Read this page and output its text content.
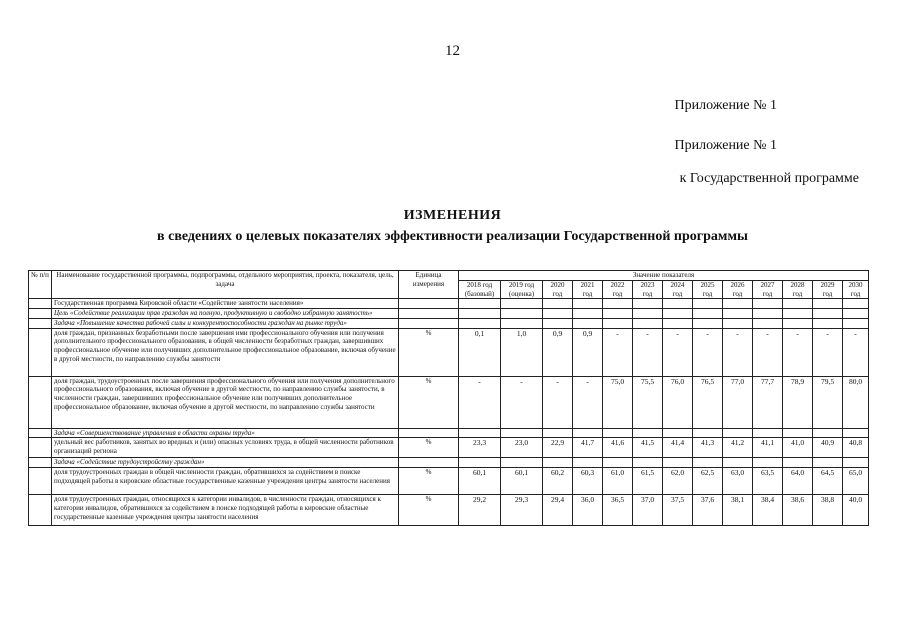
12
Приложение № 1
Приложение № 1
к Государственной программе
ИЗМЕНЕНИЯ
в сведениях о целевых показателях эффективности реализации Государственной программы
№ п/п	Наименование государственной программы, подпрограммы, отдельного мероприятия, проекта, показателя, цель, задача	Единица измерения	Значение показателя												
			2018 год (базовый)	2019 год (оценка)	2020 год	2021 год	2022 год	2023 год	2024 год	2025 год	2026 год	2027 год	2028 год	2029 год	2030 год
	Государственная программа Кировской области «Содействие занятости населения»														
	Цель «Содействие реализации прав граждан на полную, продуктивную и свободно избранную занятость»														
	Задача «Повышение качества рабочей силы и конкурентоспособности граждан на рынке труда»														
	доля граждан, признанных безработными после завершения ими профессионального обучения или получения дополнительного профессионального образования, в общей численности безработных граждан, завершивших профессиональное обучение или получивших дополнительное профессиональное образование, включая обучение в другой местности, по направлению службы занятости	%	0,1	1,0	0,9	0,9	-	-	-	-	-	-	-	-	-
	доля граждан, трудоустроенных после завершения профессионального обучения или получения дополнительного профессионального образования, включая обучение в другой местности, по направлению службы занятости, в численности граждан, завершивших профессиональное обучение или получивших дополнительное профессиональное образование, включая обучение в другой местности, по направлению службы занятости	%	-	-	-	-	75,0	75,5	76,0	76,5	77,0	77,7	78,9	79,5	80,0
	Задача «Совершенствование управления в области охраны труда»														
	удельный вес работников, занятых во вредных и (или) опасных условиях труда, в общей численности работников организаций региона	%	23,3	23,0	22,9	41,7	41,6	41,5	41,4	41,3	41,2	41,1	41,0	40,9	40,8
	Задача «Содействие трудоустройству граждан»														
	доля трудоустроенных граждан в общей численности граждан, обратившихся за содействием в поиске подходящей работы в кировские областные государственные казенные учреждения центры занятости населения	%	60,1	60,1	60,2	60,3	61,0	61,5	62,0	62,5	63,0	63,5	64,0	64,5	65,0
	доля трудоустроенных граждан, относящихся к категории инвалидов, в численности граждан, относящихся к категории инвалидов, обратившихся за содействием в поиске подходящей работы в кировские областные государственные казенные учреждения центры занятости населения	%	29,2	29,3	29,4	36,0	36,5	37,0	37,5	37,6	38,1	38,4	38,6	38,8	40,0
